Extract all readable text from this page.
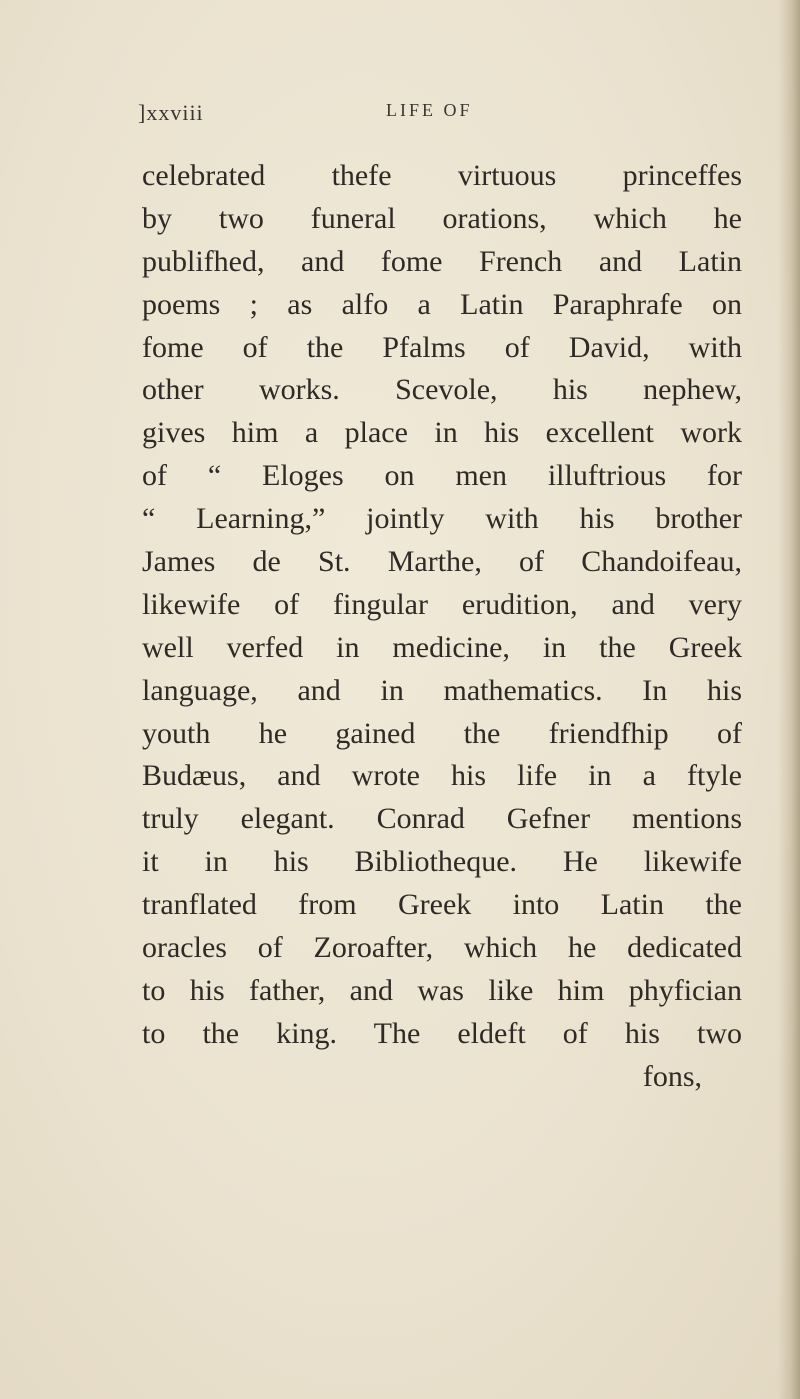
]xxviii	LIFE OF
celebrated thefe virtuous princeffes
by two funeral orations, which he
publifhed, and fome French and Latin
poems ; as alfo a Latin Paraphrafe on
fome of the Pfalms of David, with
other works. Scevole, his nephew,
gives him a place in his excellent work
of “ Eloges on men illuftrious for
“ Learning,” jointly with his brother
James de St. Marthe, of Chandoifeau,
likewife of fingular erudition, and very
well verfed in medicine, in the Greek
language, and in mathematics. In his
youth he gained the friendfhip of
Budæus, and wrote his life in a ftyle
truly elegant. Conrad Gefner mentions
it in his Bibliotheque. He likewife
tranflated from Greek into Latin the
oracles of Zoroafter, which he dedicated
to his father, and was like him phyfician
to the king. The eldeft of his two
fons,
